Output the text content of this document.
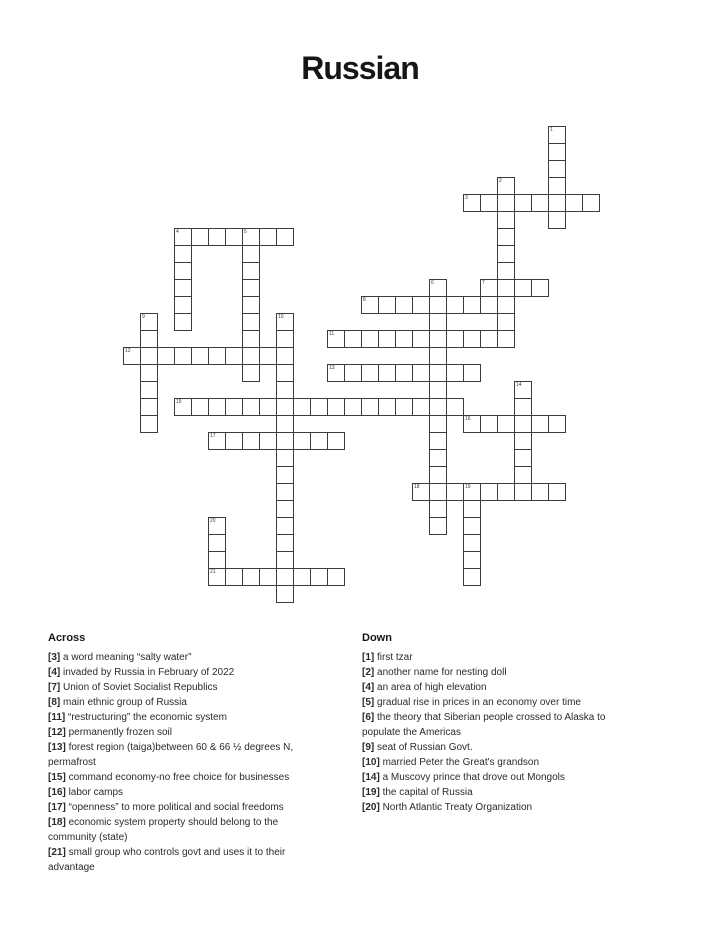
Russian
3
4	5
7
8
11
12
13
15
16
17
18	19
21
1
2
6
9	10
14
20
Across
[3] a word meaning “salty water”
[4] invaded by Russia in February of 2022
[7] Union of Soviet Socialist Republics
[8] main ethnic group of Russia
[11] “restructuring” the economic system
[12] permanently frozen soil
[13] forest region (taiga)between 60 & 66 ½ degrees N, permafrost
[15] command economy-no free choice for businesses
[16] labor camps
[17] “openness” to more political and social freedoms
[18] economic system property should belong to the community (state)
[21] small group who controls govt and uses it to their advantage
Down
[1] first tzar
[2] another name for nesting doll
[4] an area of high elevation
[5] gradual rise in prices in an economy over time
[6] the theory that Siberian people crossed to Alaska to populate the Americas
[9] seat of Russian Govt.
[10] married Peter the Great's grandson
[14] a Muscovy prince that drove out Mongols
[19] the capital of Russia
[20] North Atlantic Treaty Organization
